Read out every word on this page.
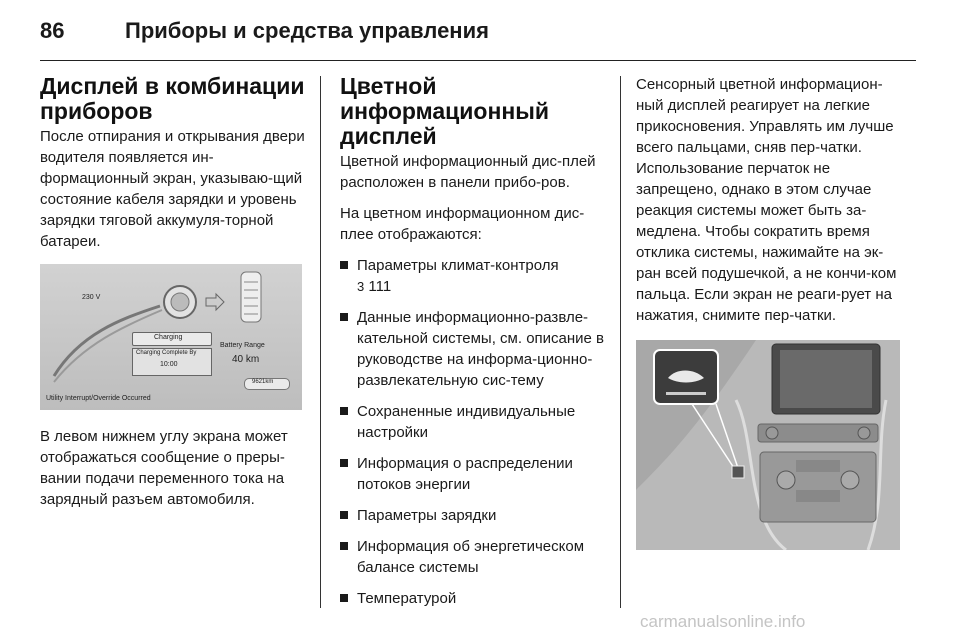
86	Приборы и средства управления
Дисплей в комбинации приборов

После отпирания и открывания двери водителя появляется ин-формационный экран, указываю-щий состояние кабеля зарядки и уровень зарядки тяговой аккумуля-торной батареи.

230 V
Charging
Charging Complete By
10:00
Battery Range
40 km
9621km
Utility Interrupt/Override Occurred

В левом нижнем углу экрана может отображаться сообщение о преры-вании подачи переменного тока на зарядный разъем автомобиля.

Цветной информационный дисплей

Цветной информационный дис-плей расположен в панели прибо-ров.

На цветном информационном дис-плее отображаются:

Параметры климат-контроля
3 111
Данные информационно-развле-кательной системы, см. описание в руководстве на информа-ционно-развлекательную сис-тему
Сохраненные индивидуальные настройки
Информация о распределении потоков энергии
Параметры зарядки
Информация об энергетическом балансе системы
Температурой

Сенсорный цветной информацион-ный дисплей реагирует на легкие прикосновения. Управлять им лучше всего пальцами, сняв пер-чатки. Использование перчаток не запрещено, однако в этом случае реакция системы может быть за-медлена. Чтобы сократить время отклика системы, нажимайте на эк-ран всей подушечкой, а не кончи-ком пальца. Если экран не реаги-рует на нажатия, снимите пер-чатки.

carmanualsonline.info
